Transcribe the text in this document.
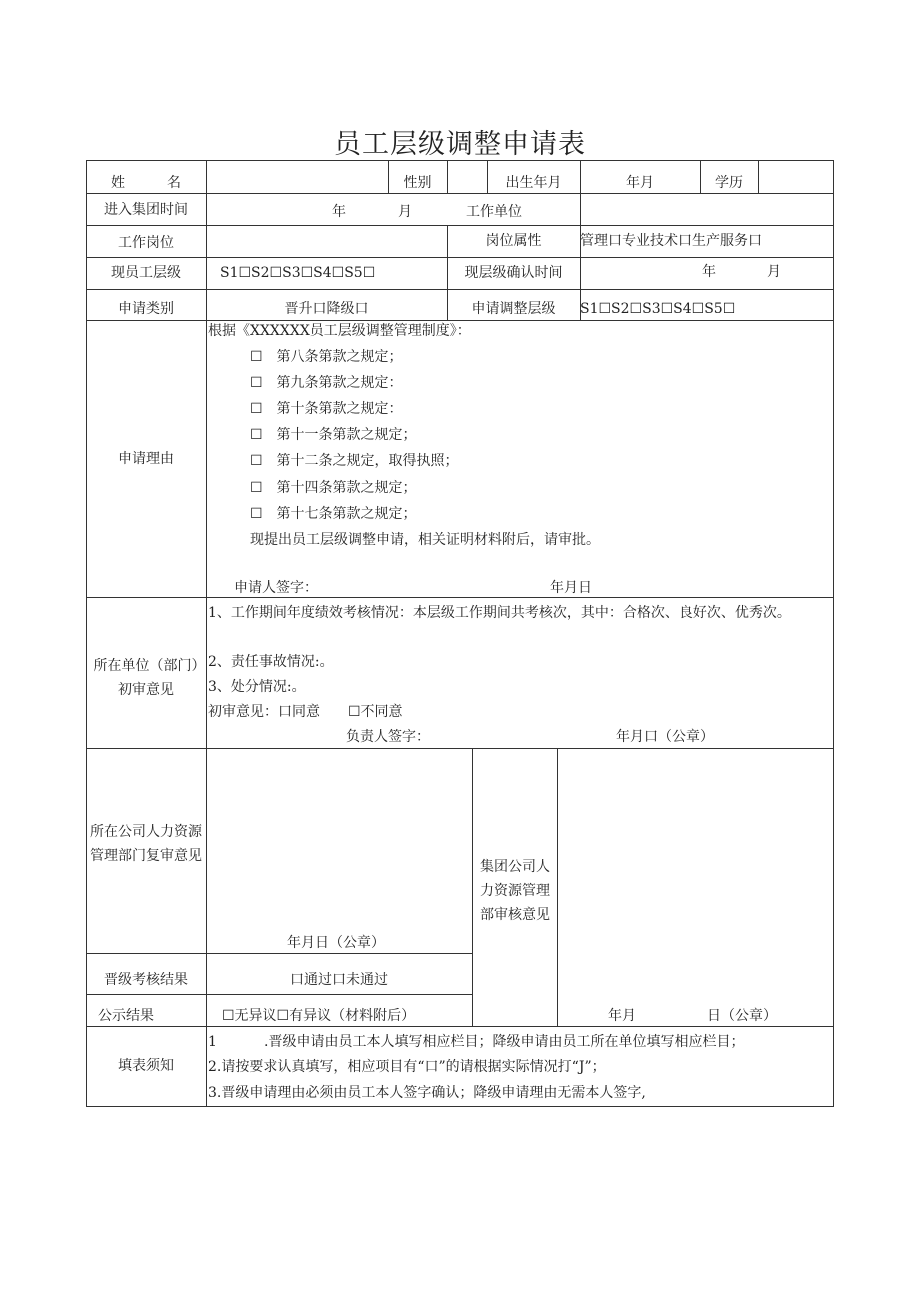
员工层级调整申请表
姓　　　名	性别	出生年月	年月	学历
进入集团时间	年	月	工作单位
工作岗位	岗位属性	管理口专业技术口生产服务口
现员工层级	S1☐S2☐S3☐S4☐S5☐	现层级确认时间	年	月
申请类别	晋升口降级口	申请调整层级	S1☐S2☐S3☐S4☐S5☐
申请理由
根据《XXXXXX员工层级调整管理制度》：
☐　第八条第款之规定；
☐　第九条第款之规定：
☐　第十条第款之规定：
☐　第十一条第款之规定；
☐　第十二条之规定，取得执照；
☐　第十四条第款之规定；
☐　第十七条第款之规定；
现提出员工层级调整申请，相关证明材料附后，请审批。
申请人签字：	年月日
所在单位（部门）初审意见
1、工作期间年度绩效考核情况：本层级工作期间共考核次，其中：合格次、良好次、优秀次。
2、责任事故情况:。
3、处分情况:。
初审意见：口同意　　☐不同意
负责人签字：	年月口（公章）
所在公司人力资源管理部门复审意见
年月日（公章）
集团公司人力资源管理部审核意见
年月	日（公章）
晋级考核结果	口通过口未通过
公示结果	☐无异议☐有异议（材料附后）
填表须知
1	.晋级申请由员工本人填写相应栏目；降级申请由员工所在单位填写相应栏目；
2.请按要求认真填写，相应项目有“口”的请根据实际情况打“J”；
3.晋级申请理由必须由员工本人签字确认；降级申请理由无需本人签字,
